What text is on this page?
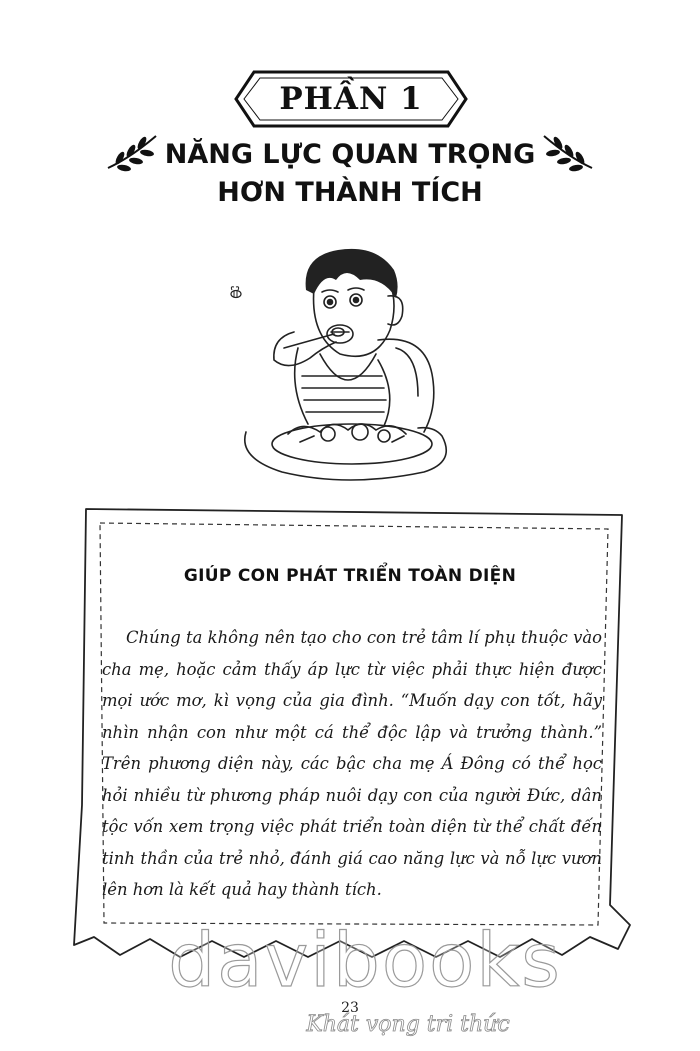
PHẦN 1
NĂNG LỰC QUAN TRỌNG
HƠN THÀNH TÍCH
GIÚP CON PHÁT TRIỂN TOÀN DIỆN
Chúng ta không nên tạo cho con trẻ tâm lí phụ thuộc vào cha mẹ, hoặc cảm thấy áp lực từ việc phải thực hiện được mọi ước mơ, kì vọng của gia đình. “Muốn dạy con tốt, hãy nhìn nhận con như một cá thể độc lập và trưởng thành.” Trên phương diện này, các bậc cha mẹ Á Đông có thể học hỏi nhiều từ phương pháp nuôi dạy con của người Đức, dân tộc vốn xem trọng việc phát triển toàn diện từ thể chất đến tinh thần của trẻ nhỏ, đánh giá cao năng lực và nỗ lực vươn lên hơn là kết quả hay thành tích.
davibooks
23
Khát vọng tri thức
